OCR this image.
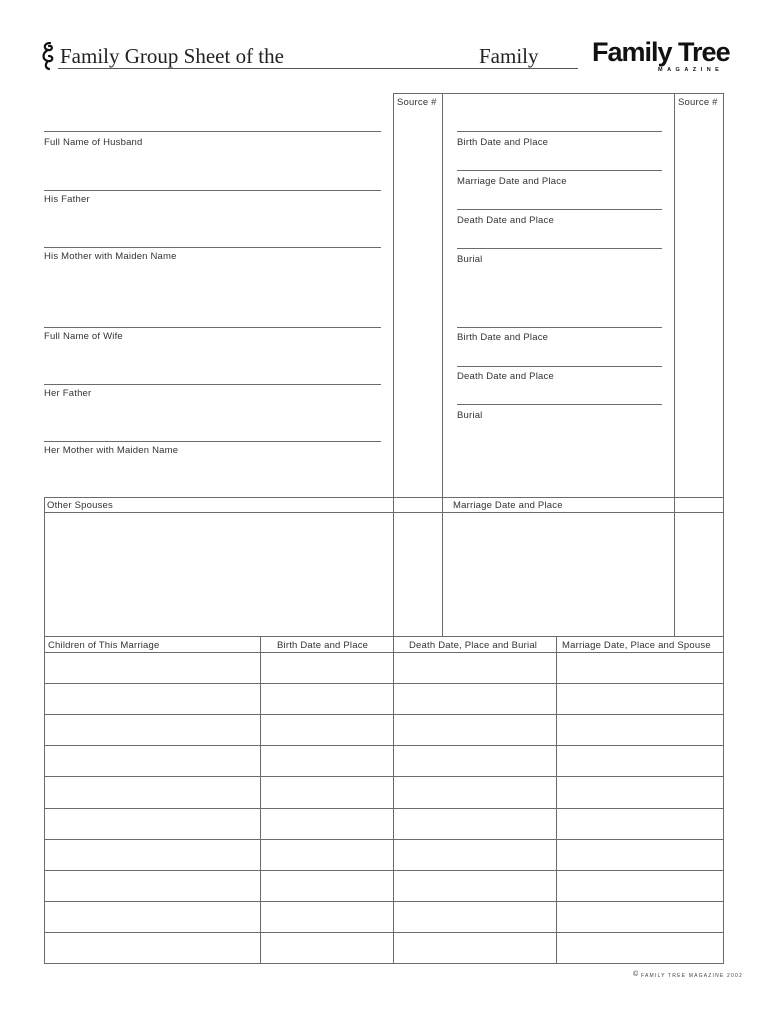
Family Group Sheet of the	Family Family Tree
MAGAZINE
Source #	Source #
Full Name of Husband
His Father
His Mother with Maiden Name
Birth Date and Place
Marriage Date and Place
Death Date and Place
Burial
Full Name of Wife
Her Father
Her Mother with Maiden Name
Birth Date and Place
Death Date and Place
Burial
Other Spouses	Marriage Date and Place
Children of This Marriage	Birth Date and Place	Death Date, Place and Burial	Marriage Date, Place and Spouse
© FAMILY TREE MAGAZINE 2002
